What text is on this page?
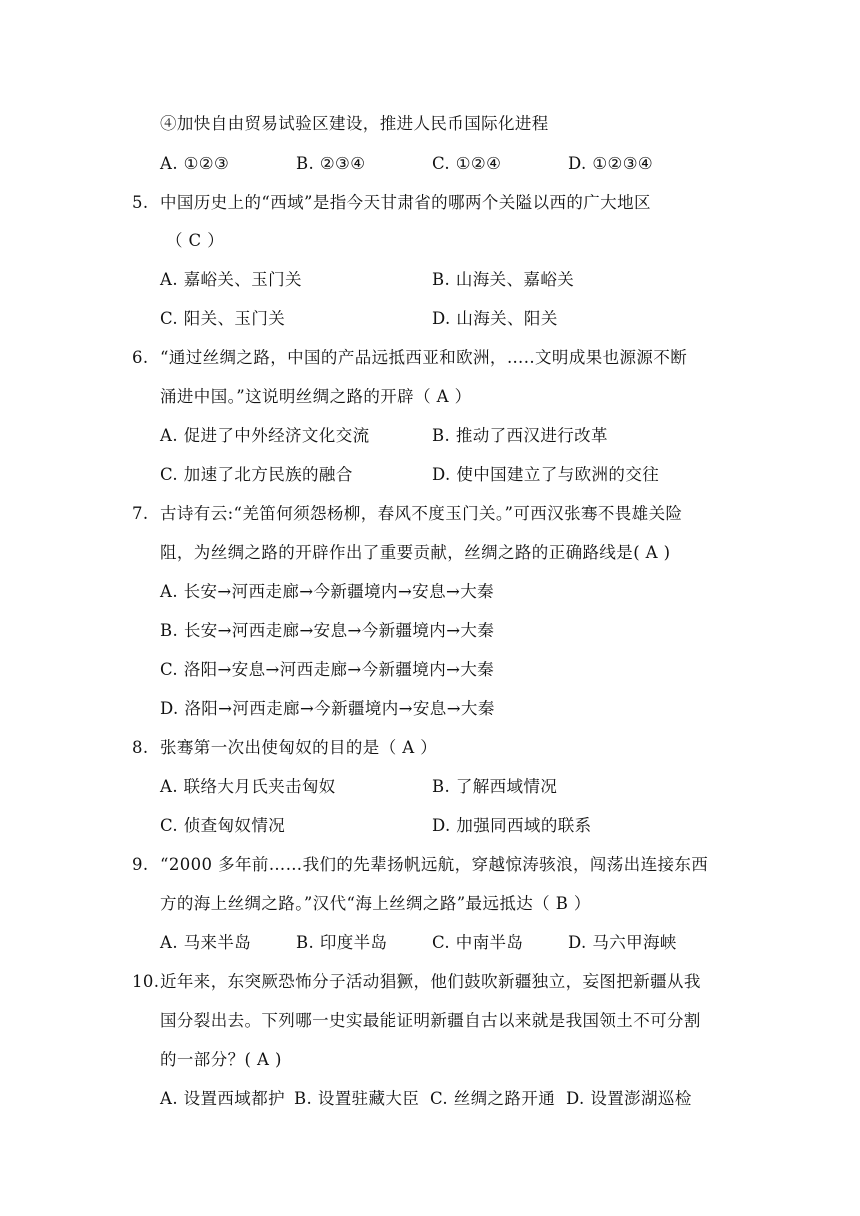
④加快自由贸易试验区建设，推进人民币国际化进程
A. ①②③	B. ②③④	C. ①②④	D. ①②③④
5. 中国历史上的“西域”是指今天甘肃省的哪两个关隘以西的广大地区
（ C ）
A. 嘉峪关、玉门关	B. 山海关、嘉峪关
C. 阳关、玉门关	D. 山海关、阳关
6. “通过丝绸之路，中国的产品远抵西亚和欧洲，…..文明成果也源源不断
涌进中国。”这说明丝绸之路的开辟（ A ）
A. 促进了中外经济文化交流	B. 推动了西汉进行改革
C. 加速了北方民族的融合	D. 使中国建立了与欧洲的交往
7. 古诗有云:“羌笛何须怨杨柳，春风不度玉门关。”可西汉张骞不畏雄关险
阻，为丝绸之路的开辟作出了重要贡献，丝绸之路的正确路线是( A )
A. 长安→河西走廊→今新疆境内→安息→大秦
B. 长安→河西走廊→安息→今新疆境内→大秦
C. 洛阳→安息→河西走廊→今新疆境内→大秦
D. 洛阳→河西走廊→今新疆境内→安息→大秦
8. 张骞第一次出使匈奴的目的是（ A ）
A. 联络大月氏夹击匈奴	B. 了解西域情况
C. 侦查匈奴情况	D. 加强同西域的联系
9. “2000 多年前……我们的先辈扬帆远航，穿越惊涛骇浪，闯荡出连接东西
方的海上丝绸之路。”汉代“海上丝绸之路”最远抵达（ B ）
A. 马来半岛	B. 印度半岛	C. 中南半岛	D. 马六甲海峡
10. 近年来，东突厥恐怖分子活动猖獗，他们鼓吹新疆独立，妄图把新疆从我
国分裂出去。下列哪一史实最能证明新疆自古以来就是我国领土不可分割
的一部分？( A )
A. 设置西域都护 B. 设置驻藏大臣 C. 丝绸之路开通 D. 设置澎湖巡检
